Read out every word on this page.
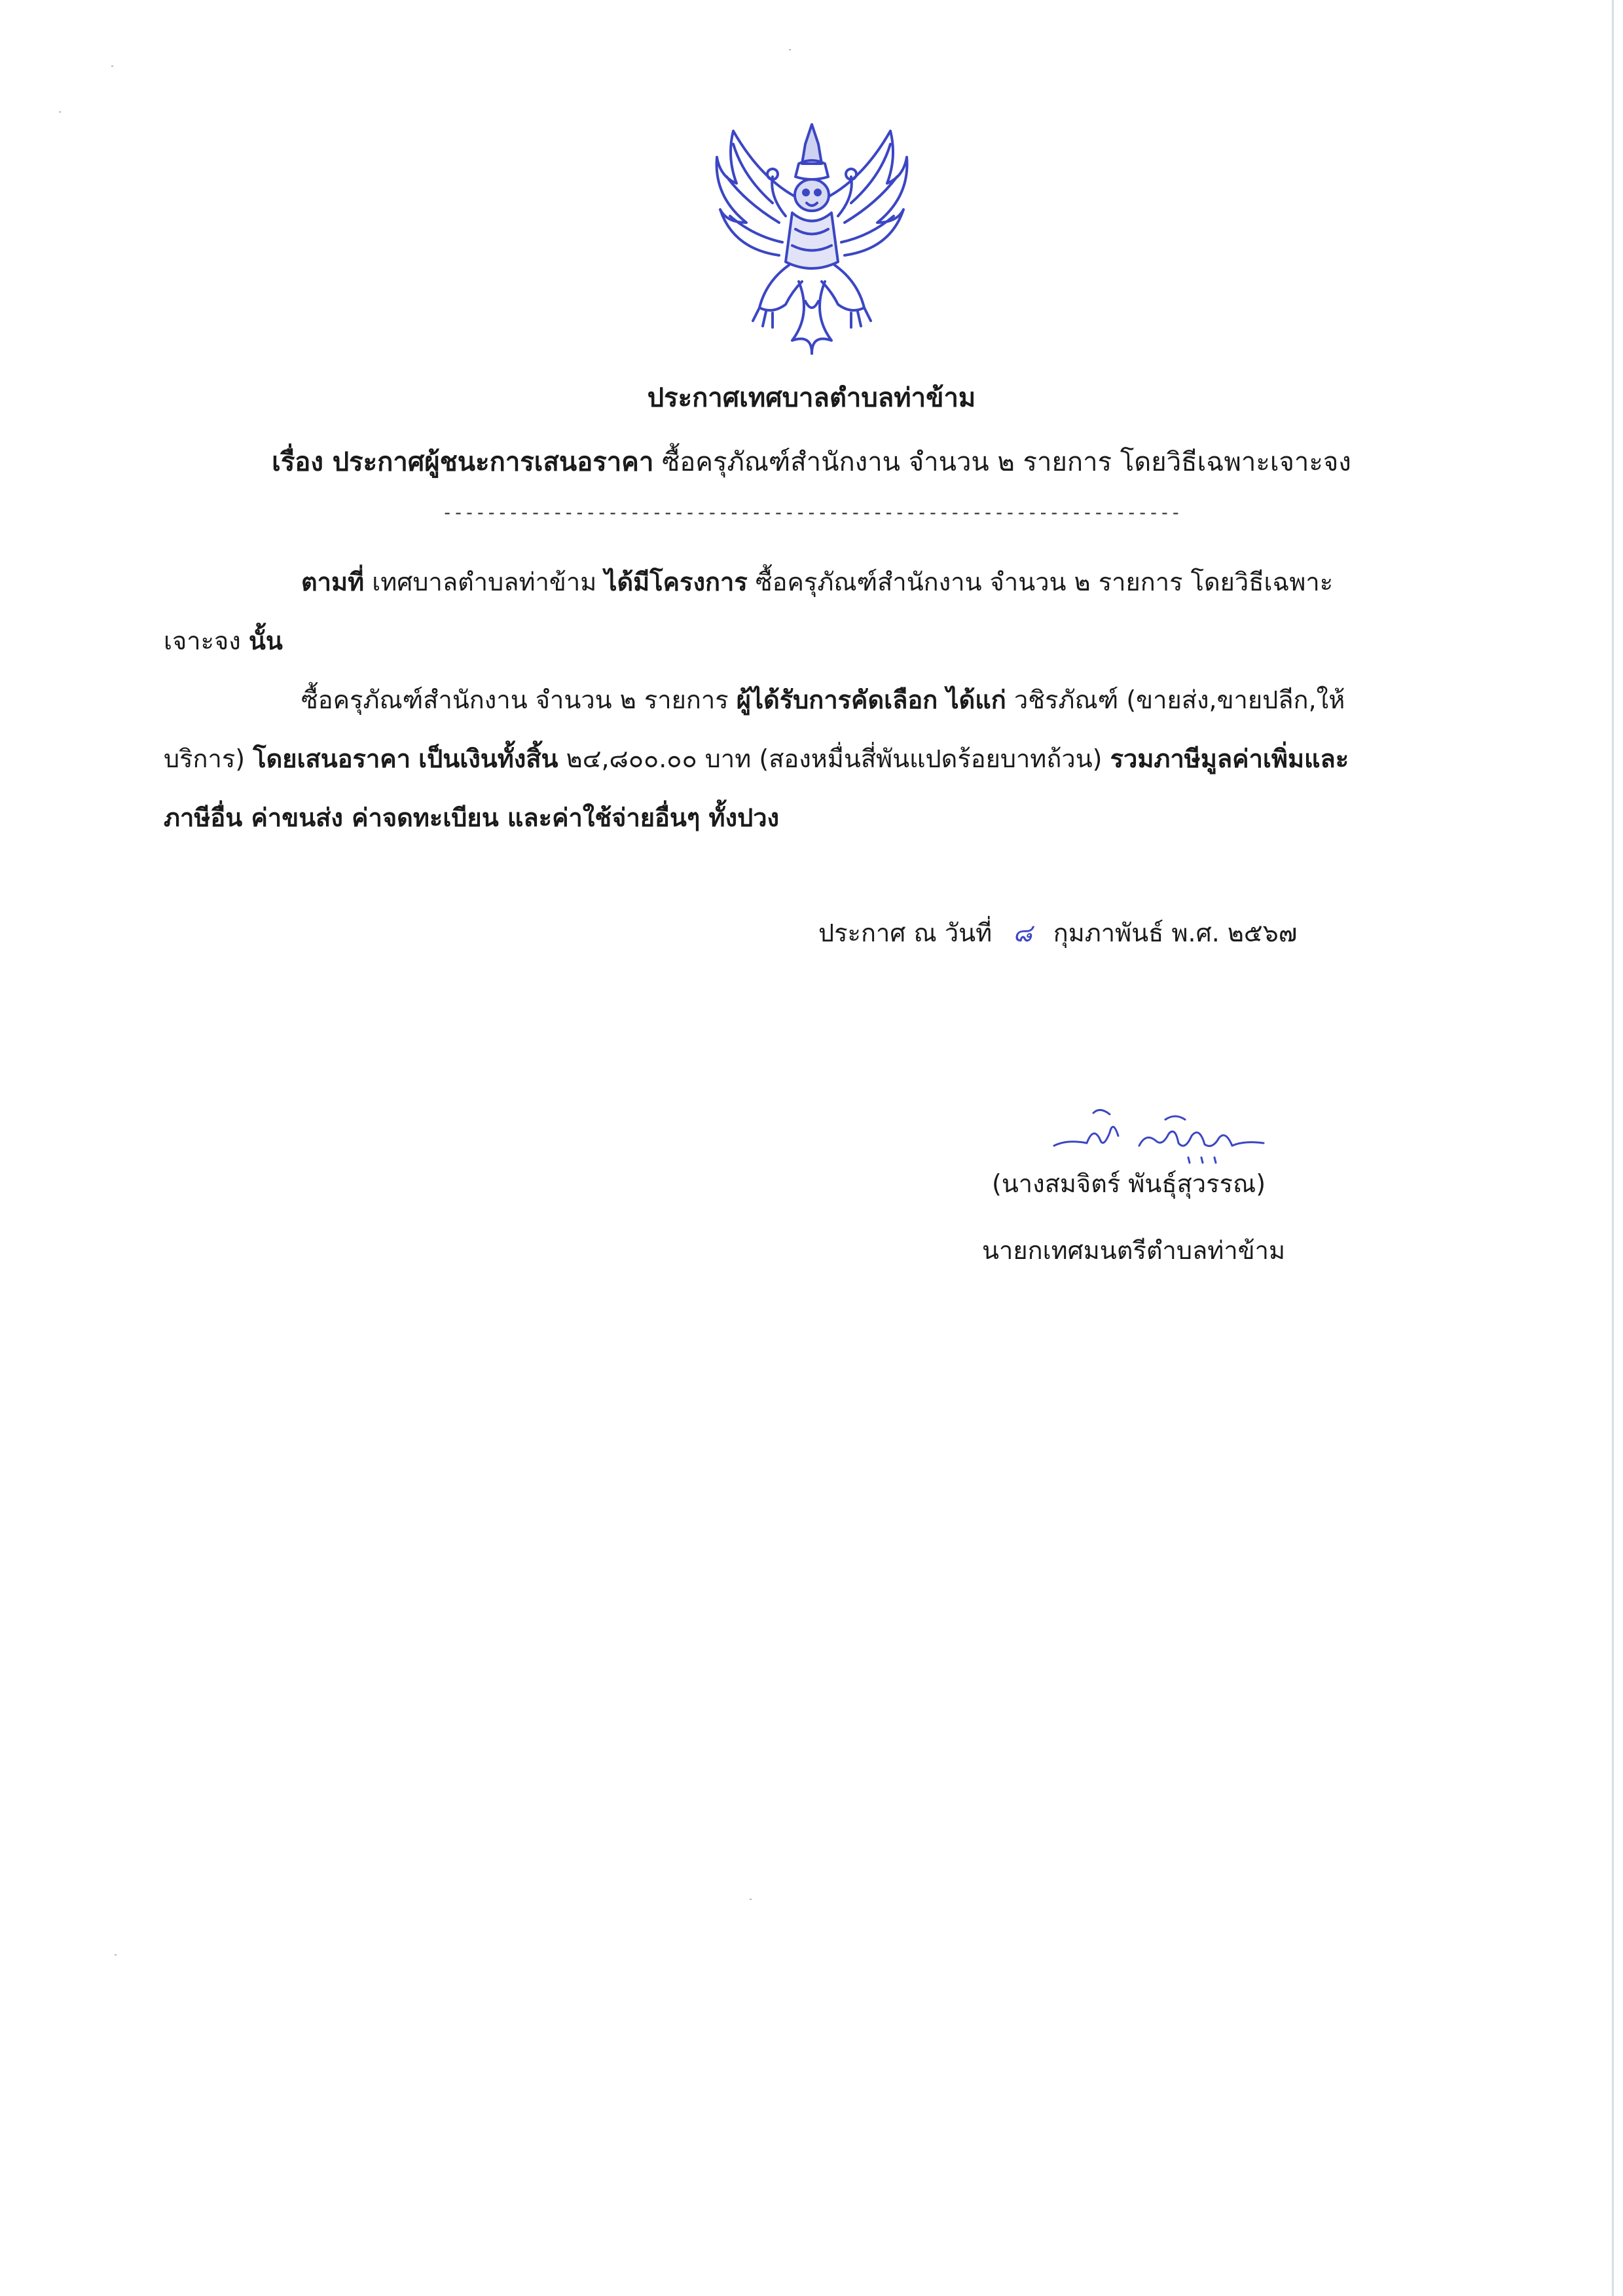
ประกาศเทศบาลตำบลท่าข้าม
เรื่อง ประกาศผู้ชนะการเสนอราคา ซื้อครุภัณฑ์สำนักงาน จำนวน ๒ รายการ โดยวิธีเฉพาะเจาะจง
-------------------------------------------------------------------
ตามที่ เทศบาลตำบลท่าข้าม ได้มีโครงการ ซื้อครุภัณฑ์สำนักงาน จำนวน ๒ รายการ โดยวิธีเฉพาะ
เจาะจง นั้น
ซื้อครุภัณฑ์สำนักงาน จำนวน ๒ รายการ ผู้ได้รับการคัดเลือก ได้แก่ วชิรภัณฑ์ (ขายส่ง,ขายปลีก,ให้
บริการ) โดยเสนอราคา เป็นเงินทั้งสิ้น ๒๔,๘๐๐.๐๐ บาท (สองหมื่นสี่พันแปดร้อยบาทถ้วน) รวมภาษีมูลค่าเพิ่มและ
ภาษีอื่น ค่าขนส่ง ค่าจดทะเบียน และค่าใช้จ่ายอื่นๆ ทั้งปวง
ประกาศ ณ วันที่ ๘ กุมภาพันธ์ พ.ศ. ๒๕๖๗
(นางสมจิตร์ พันธุ์สุวรรณ)
นายกเทศมนตรีตำบลท่าข้าม
